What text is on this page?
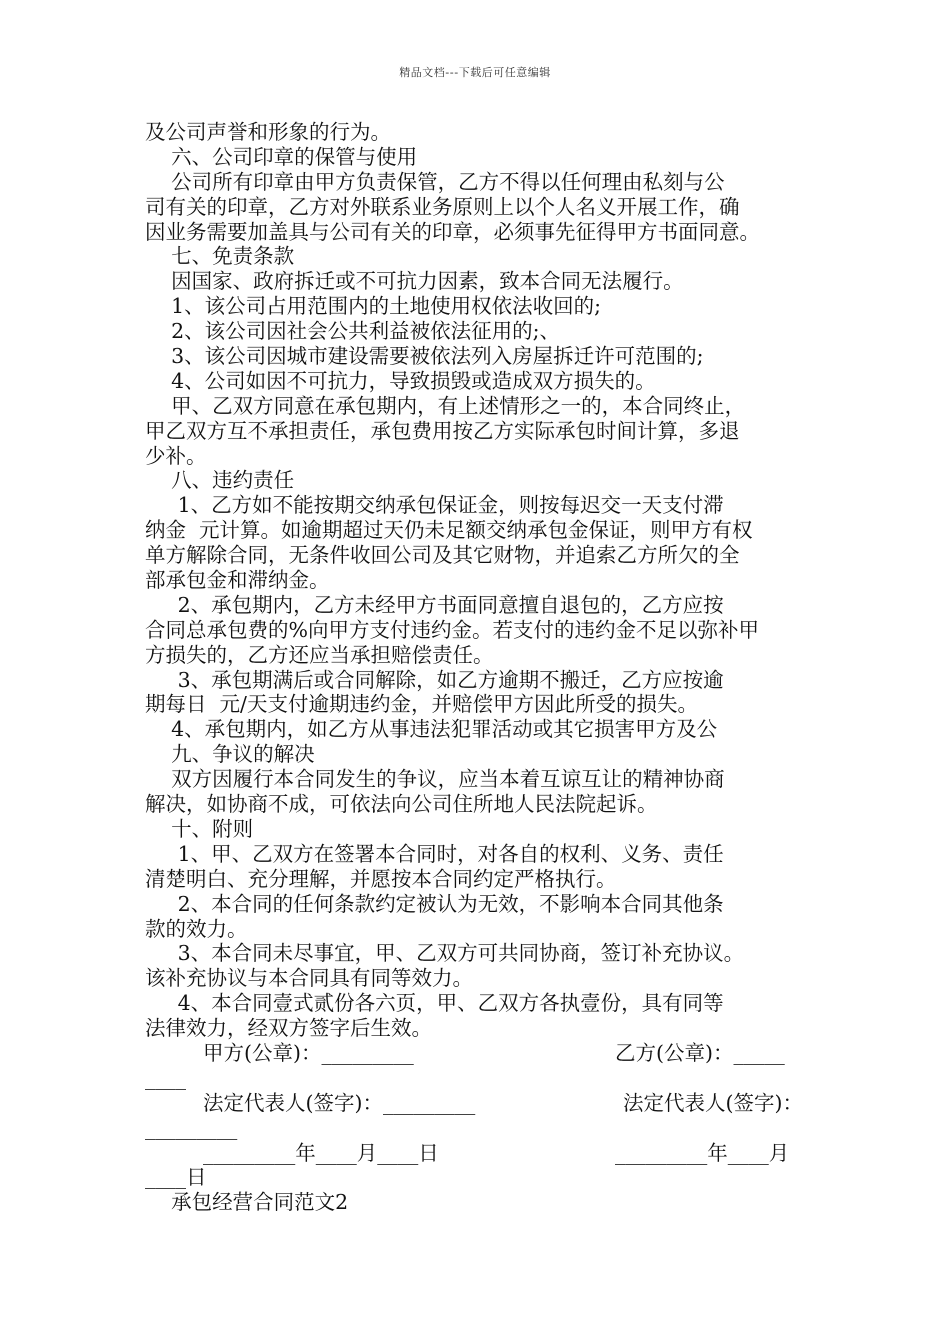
精品文档---下载后可任意编辑
及公司声誉和形象的行为。
六、公司印章的保管与使用
公司所有印章由甲方负责保管，乙方不得以任何理由私刻与公
司有关的印章，乙方对外联系业务原则上以个人名义开展工作，确
因业务需要加盖具与公司有关的印章，必须事先征得甲方书面同意。
七、免责条款
因国家、政府拆迁或不可抗力因素，致本合同无法履行。
1、该公司占用范围内的土地使用权依法收回的;
2、该公司因社会公共利益被依法征用的;、
3、该公司因城市建设需要被依法列入房屋拆迁许可范围的;
4、公司如因不可抗力，导致损毁或造成双方损失的。
甲、乙双方同意在承包期内，有上述情形之一的，本合同终止，
甲乙双方互不承担责任，承包费用按乙方实际承包时间计算，多退
少补。
八、违约责任
1、乙方如不能按期交纳承包保证金，则按每迟交一天支付滞
纳金  元计算。如逾期超过天仍未足额交纳承包金保证，则甲方有权
单方解除合同，无条件收回公司及其它财物，并追索乙方所欠的全
部承包金和滞纳金。
2、承包期内，乙方未经甲方书面同意擅自退包的，乙方应按
合同总承包费的%向甲方支付违约金。若支付的违约金不足以弥补甲
方损失的，乙方还应当承担赔偿责任。
3、承包期满后或合同解除，如乙方逾期不搬迁，乙方应按逾
期每日  元/天支付逾期违约金，并赔偿甲方因此所受的损失。
4、承包期内，如乙方从事违法犯罪活动或其它损害甲方及公
九、争议的解决
双方因履行本合同发生的争议，应当本着互谅互让的精神协商
解决，如协商不成，可依法向公司住所地人民法院起诉。
十、附则
1、甲、乙双方在签署本合同时，对各自的权利、义务、责任
清楚明白、充分理解，并愿按本合同约定严格执行。
2、本合同的任何条款约定被认为无效，不影响本合同其他条
款的效力。
3、本合同未尽事宜，甲、乙双方可共同协商，签订补充协议。
该补充协议与本合同具有同等效力。
4、本合同壹式贰份各六页，甲、乙双方各执壹份，具有同等
法律效力，经双方签字后生效。

甲方(公章)：_________

	乙方(公章)：_____

____

法定代表人(签字)：_________

	法定代表人(签字)：

_________

_________年____月____日

	_________年____月

____日
承包经营合同范文2
